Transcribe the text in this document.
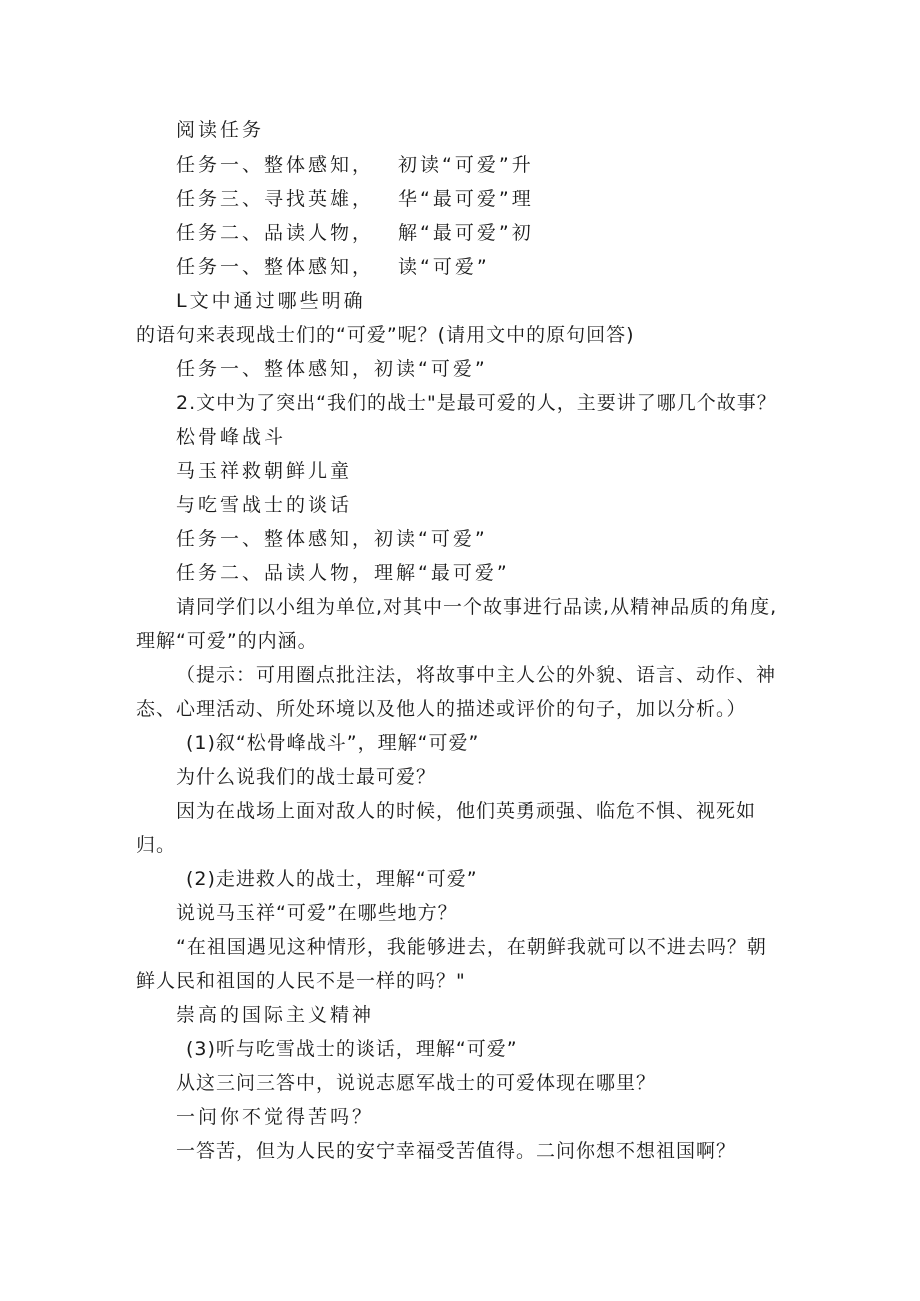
阅读任务
任务一、整体感知， 初读“可爱”升
任务三、寻找英雄， 华“最可爱”理
任务二、品读人物， 解“最可爱”初
任务一、整体感知， 读“可爱”
L文中通过哪些明确
的语句来表现战士们的“可爱”呢？(请用文中的原句回答)
任务一、整体感知，初读“可爱”
2.文中为了突出“我们的战士"是最可爱的人，主要讲了哪几个故事？
松骨峰战斗
马玉祥救朝鲜儿童
与吃雪战士的谈话
任务一、整体感知，初读“可爱”
任务二、品读人物，理解“最可爱”
请同学们以小组为单位,对其中一个故事进行品读,从精神品质的角度,
理解“可爱”的内涵。
（提示：可用圈点批注法，将故事中主人公的外貌、语言、动作、神
态、心理活动、所处环境以及他人的描述或评价的句子，加以分析。）
(1)叙“松骨峰战斗”，理解“可爱”
为什么说我们的战士最可爱？
因为在战场上面对敌人的时候，他们英勇顽强、临危不惧、视死如
归。
(2)走进救人的战士，理解“可爱”
说说马玉祥“可爱”在哪些地方？
“在祖国遇见这种情形，我能够进去，在朝鲜我就可以不进去吗？朝
鲜人民和祖国的人民不是一样的吗？"
崇高的国际主义精神
(3)听与吃雪战士的谈话，理解“可爱”
从这三问三答中，说说志愿军战士的可爱体现在哪里？
一问你不觉得苦吗？
一答苦，但为人民的安宁幸福受苦值得。二问你想不想祖国啊？
